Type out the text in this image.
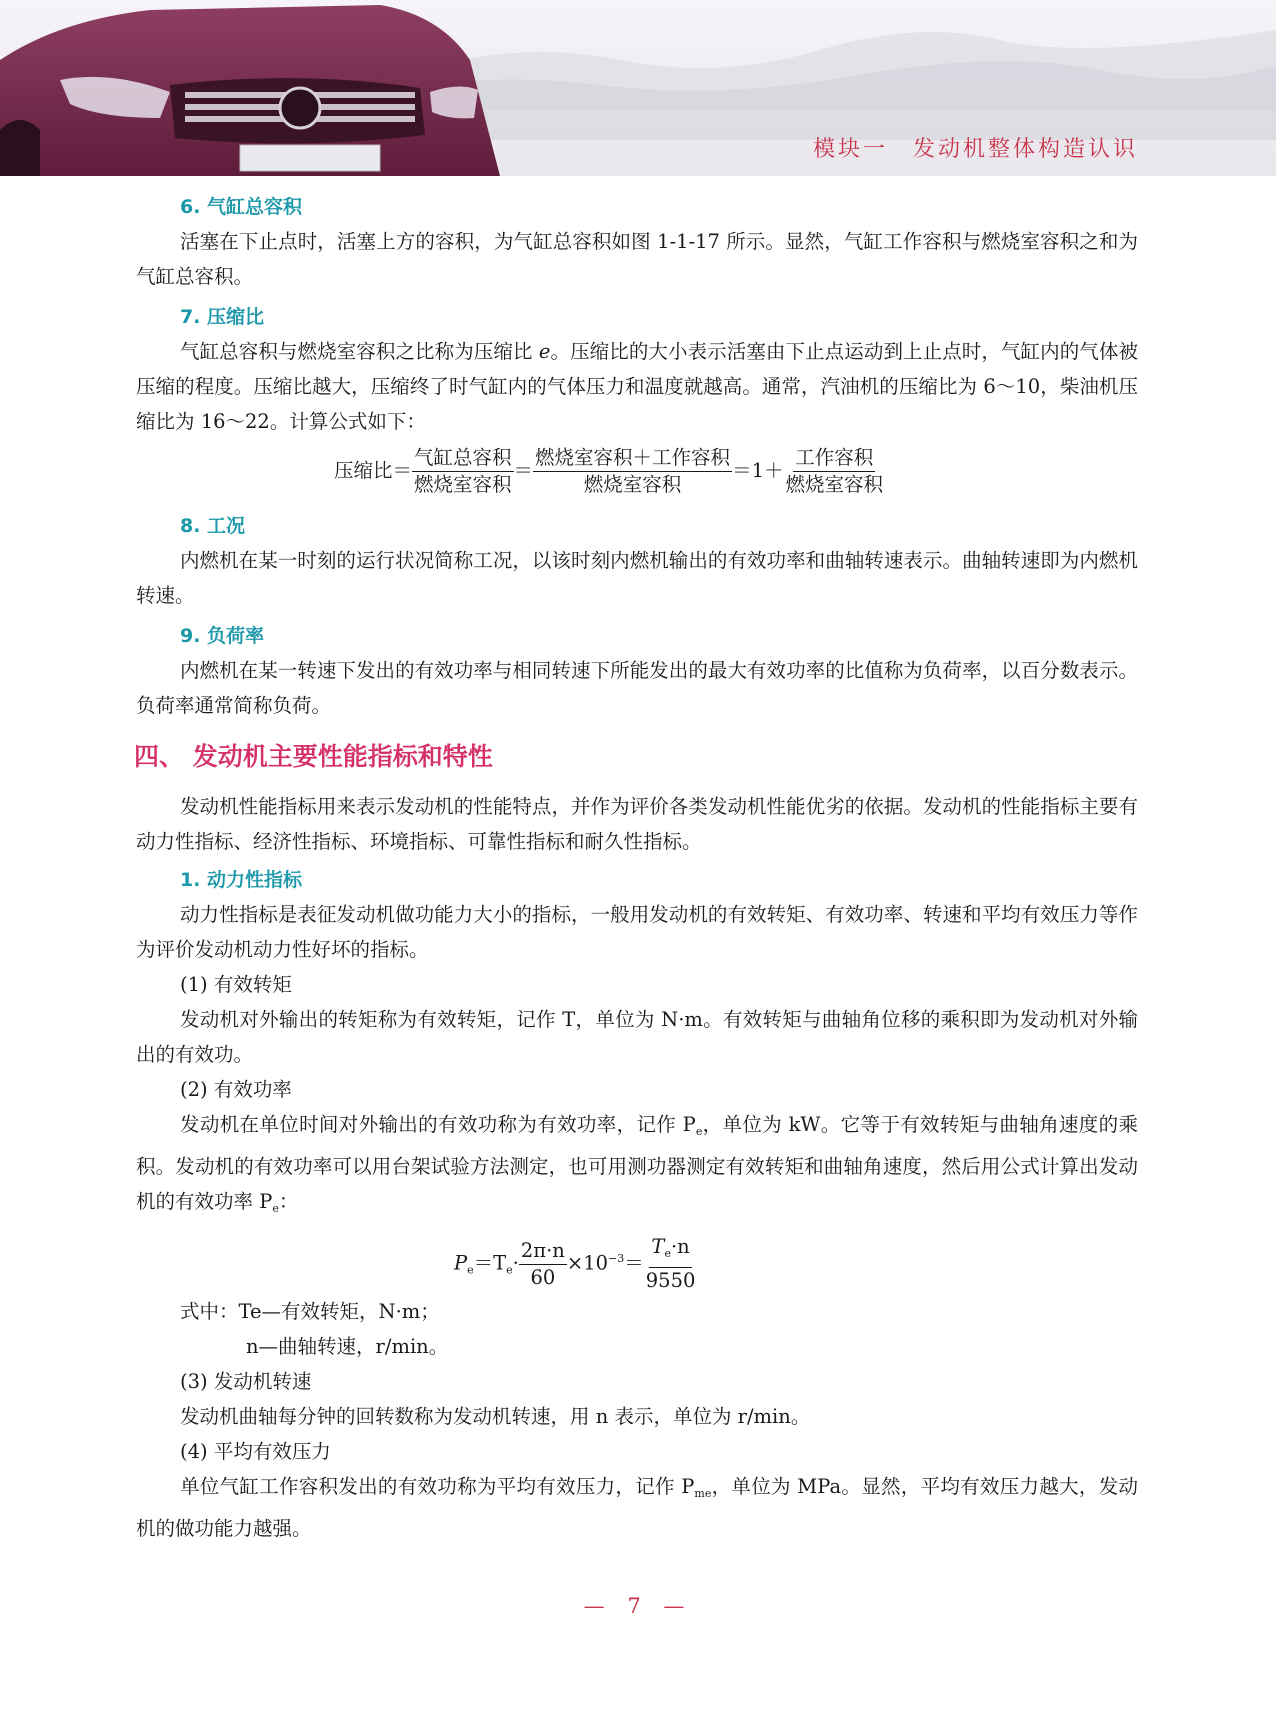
模块一　发动机整体构造认识
6. 气缸总容积

活塞在下止点时，活塞上方的容积，为气缸总容积如图 1-1-17 所示。显然，气缸工作容积与燃烧室容积之和为气缸总容积。

7. 压缩比

气缸总容积与燃烧室容积之比称为压缩比 e。压缩比的大小表示活塞由下止点运动到上止点时，气缸内的气体被压缩的程度。压缩比越大，压缩终了时气缸内的气体压力和温度就越高。通常，汽油机的压缩比为 6～10，柴油机压缩比为 16～22。计算公式如下：

压缩比＝ $\frac{\text{气缸总容积}}{\text{燃烧室容积}} = \frac{\text{燃烧室容积＋工作容积}}{\text{燃烧室容积}} =1+ \frac{\text{工作容积}}{\text{燃烧室容积}}$
8. 工况

内燃机在某一时刻的运行状况简称工况，以该时刻内燃机输出的有效功率和曲轴转速表示。曲轴转速即为内燃机转速。

9. 负荷率

内燃机在某一转速下发出的有效功率与相同转速下所能发出的最大有效功率的比值称为负荷率，以百分数表示。负荷率通常简称负荷。

四、 发动机主要性能指标和特性

发动机性能指标用来表示发动机的性能特点，并作为评价各类发动机性能优劣的依据。发动机的性能指标主要有动力性指标、经济性指标、环境指标、可靠性指标和耐久性指标。

1. 动力性指标

动力性指标是表征发动机做功能力大小的指标，一般用发动机的有效转矩、有效功率、转速和平均有效压力等作为评价发动机动力性好坏的指标。

(1) 有效转矩

发动机对外输出的转矩称为有效转矩，记作 T，单位为 N·m。有效转矩与曲轴角位移的乘积即为发动机对外输出的有效功。

(2) 有效功率

发动机在单位时间对外输出的有效功称为有效功率，记作 $P_e$，单位为 kW。它等于有效转矩与曲轴角速度的乘积。发动机的有效功率可以用台架试验方法测定，也可用测功器测定有效转矩和曲轴角速度，然后用公式计算出发动机的有效功率 $P_e$：

$P_e=T_e\cdot \frac{2\pi\cdot n}{60} \times 10^{-3}= \frac{T_e\cdot n}{9550}$

式中：Te—有效转矩，N·m；

n—曲轴转速，r/min。

(3) 发动机转速

发动机曲轴每分钟的回转数称为发动机转速，用 n 表示，单位为 r/min。

(4) 平均有效压力

单位气缸工作容积发出的有效功称为平均有效压力，记作 $P_{me}$，单位为 MPa。显然，平均有效压力越大，发动机的做功能力越强。

— 7 —
